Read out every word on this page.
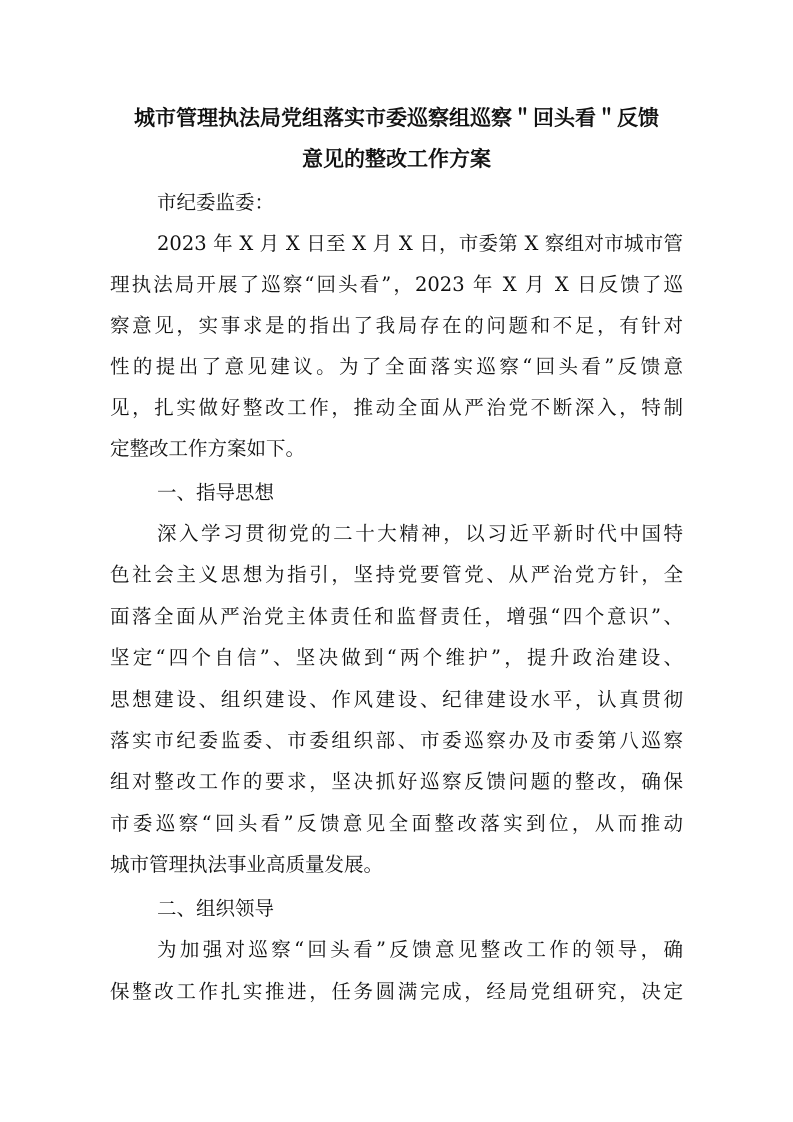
城市管理执法局党组落实市委巡察组巡察＂回头看＂反馈
意见的整改工作方案
市纪委监委：
2023 年 X 月 X 日至 X 月 X 日，市委第 X 察组对市城市管
理执法局开展了巡察“回头看”，2023 年 X 月 X 日反馈了巡
察意见，实事求是的指出了我局存在的问题和不足，有针对
性的提出了意见建议。为了全面落实巡察“回头看”反馈意
见，扎实做好整改工作，推动全面从严治党不断深入，特制
定整改工作方案如下。
一、指导思想
深入学习贯彻党的二十大精神，以习近平新时代中国特
色社会主义思想为指引，坚持党要管党、从严治党方针，全
面落全面从严治党主体责任和监督责任，增强“四个意识”、
坚定“四个自信”、坚决做到“两个维护”，提升政治建设、
思想建设、组织建设、作风建设、纪律建设水平，认真贯彻
落实市纪委监委、市委组织部、市委巡察办及市委第八巡察
组对整改工作的要求，坚决抓好巡察反馈问题的整改，确保
市委巡察“回头看”反馈意见全面整改落实到位，从而推动
城市管理执法事业高质量发展。
二、组织领导
为加强对巡察“回头看”反馈意见整改工作的领导，确
保整改工作扎实推进，任务圆满完成，经局党组研究，决定
